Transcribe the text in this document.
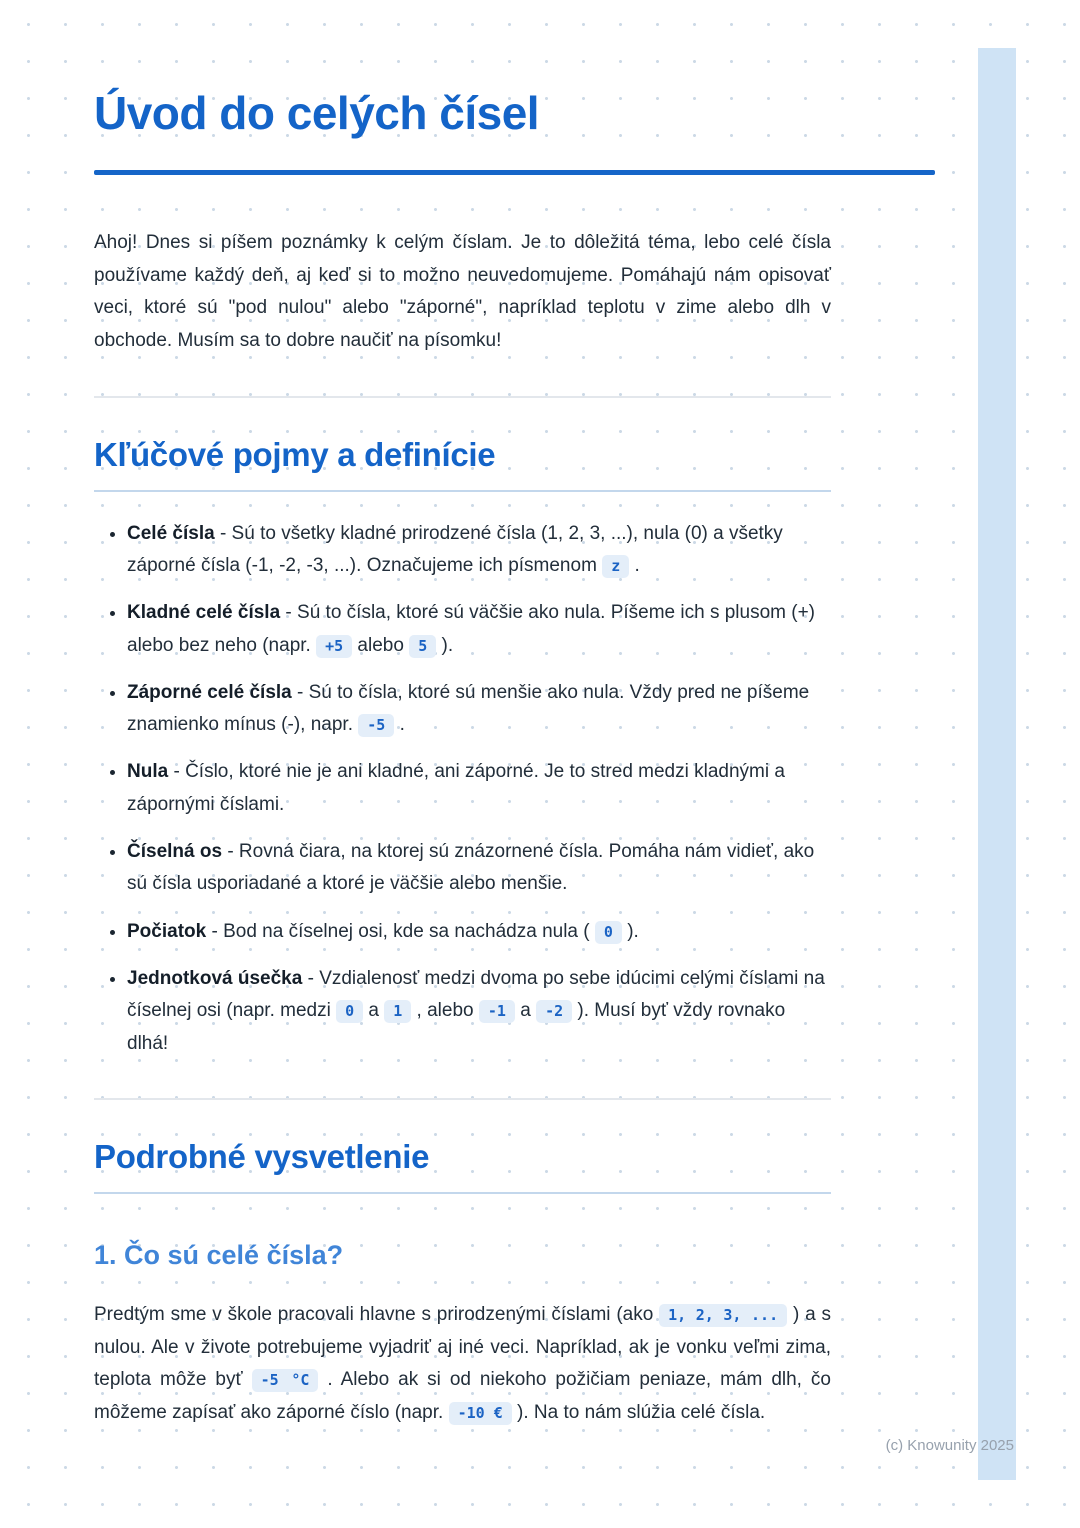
Úvod do celých čísel

Ahoj! Dnes si píšem poznámky k celým číslam. Je to dôležitá téma, lebo celé čísla používame každý deň, aj keď si to možno neuvedomujeme. Pomáhajú nám opisovať veci, ktoré sú "pod nulou" alebo "záporné", napríklad teplotu v zime alebo dlh v obchode. Musím sa to dobre naučiť na písomku!

Kľúčové pojmy a definície
• Celé čísla - Sú to všetky kladné prirodzené čísla (1, 2, 3, ...), nula (0) a všetky záporné čísla (-1, -2, -3, ...). Označujeme ich písmenom z .
• Kladné celé čísla - Sú to čísla, ktoré sú väčšie ako nula. Píšeme ich s plusom (+) alebo bez neho (napr. +5 alebo 5 ).
• Záporné celé čísla - Sú to čísla, ktoré sú menšie ako nula. Vždy pred ne píšeme znamienko mínus (-), napr. -5 .
• Nula - Číslo, ktoré nie je ani kladné, ani záporné. Je to stred medzi kladnými a zápornými číslami.
• Číselná os - Rovná čiara, na ktorej sú znázornené čísla. Pomáha nám vidieť, ako sú čísla usporiadané a ktoré je väčšie alebo menšie.
• Počiatok - Bod na číselnej osi, kde sa nachádza nula ( 0 ).
• Jednotková úsečka - Vzdialenosť medzi dvoma po sebe idúcimi celými číslami na číselnej osi (napr. medzi 0 a 1 , alebo -1 a -2 ). Musí byť vždy rovnako dlhá!
Podrobné vysvetlenie
1. Čo sú celé čísla?

Predtým sme v škole pracovali hlavne s prirodzenými číslami (ako 1, 2, 3, ... ) a s nulou. Ale v živote potrebujeme vyjadriť aj iné veci. Napríklad, ak je vonku veľmi zima, teplota môže byť -5 °C . Alebo ak si od niekoho požičiam peniaze, mám dlh, čo môžeme zapísať ako záporné číslo (napr. -10 € ). Na to nám slúžia celé čísla.

(c) Knowunity 2025
